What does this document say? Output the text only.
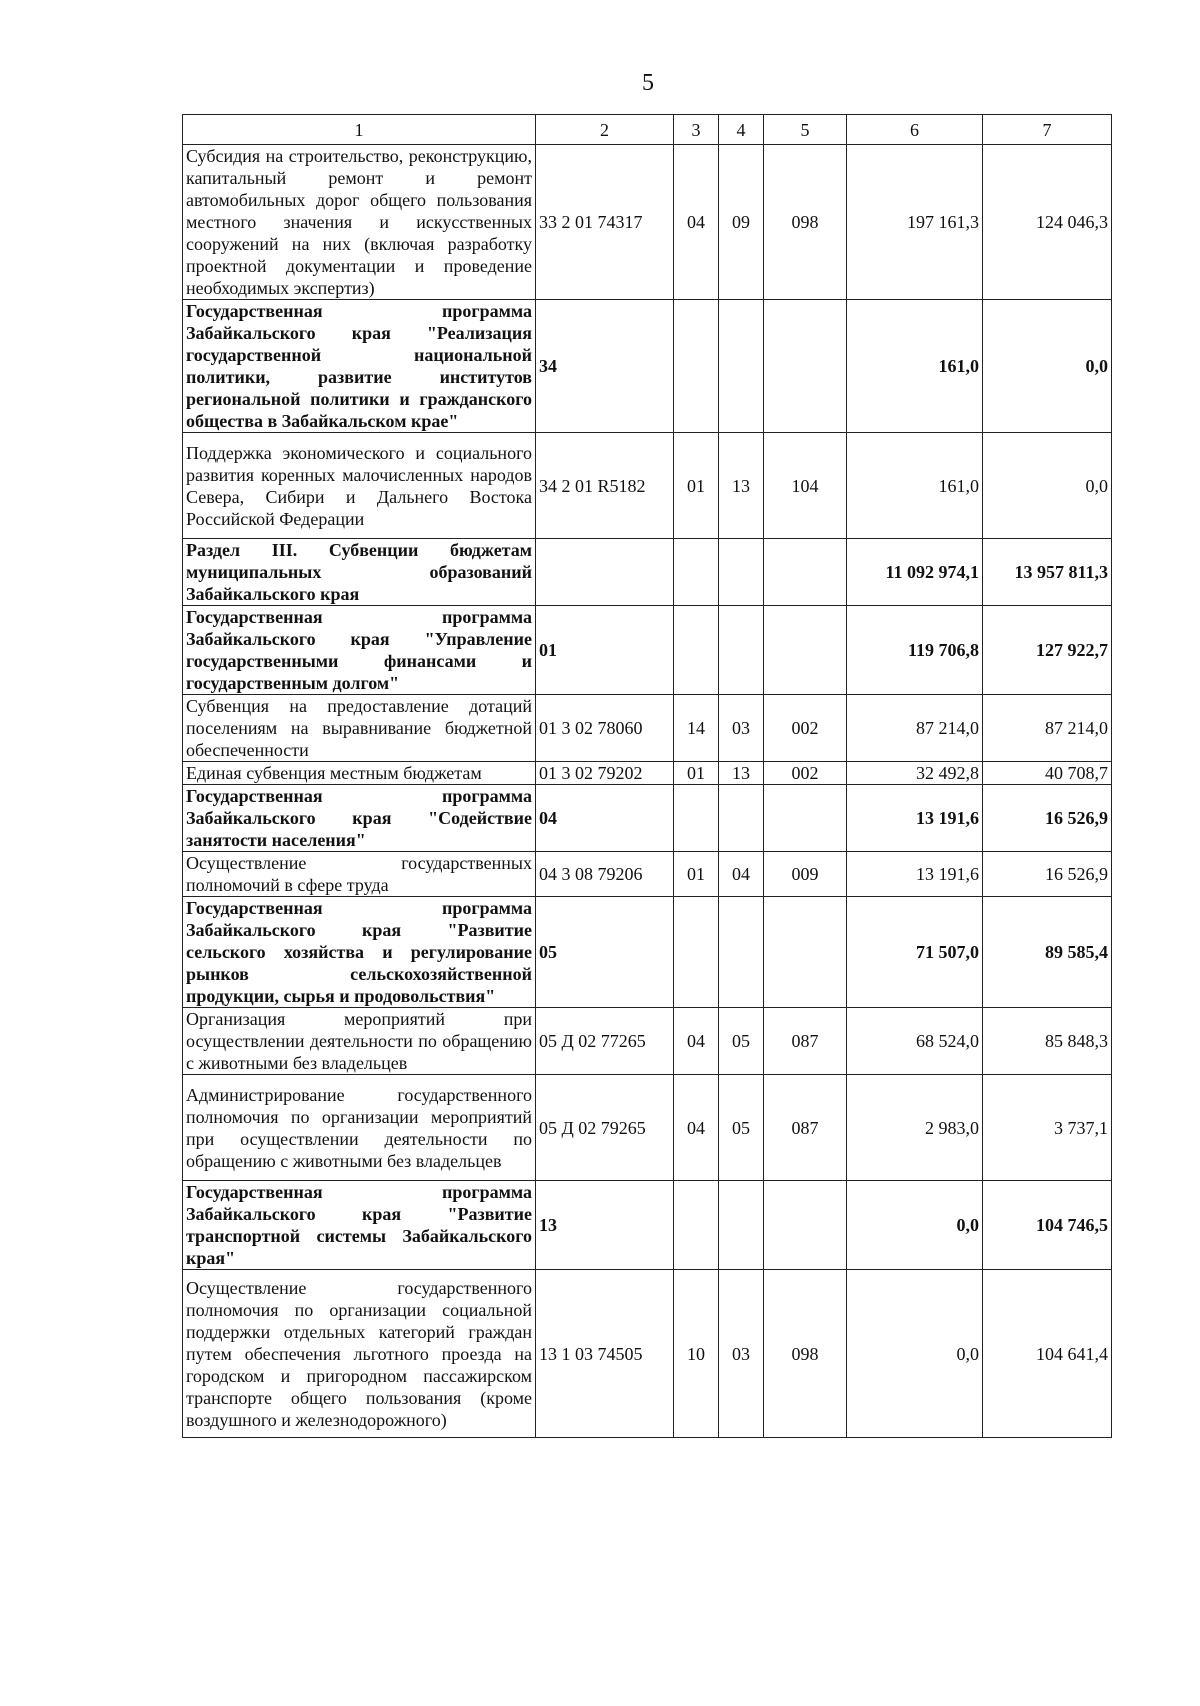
5
1	2	3	4	5	6	7
Субсидия на строительство, реконструкцию, капитальный ремонт и ремонт автомобильных дорог общего пользования местного значения и искусственных сооружений на них (включая разработку проектной документации и проведение необходимых экспертиз)	33 2 01 74317	04	09	098	197 161,3	124 046,3
Государственная программа Забайкальского края "Реализация государственной национальной политики, развитие институтов региональной политики и гражданского общества в Забайкальском крае"	34				161,0	0,0
Поддержка экономического и социального развития коренных малочисленных народов Севера, Сибири и Дальнего Востока Российской Федерации	34 2 01 R5182	01	13	104	161,0	0,0
Раздел III. Субвенции бюджетам муниципальных образований Забайкальского края					11 092 974,1	13 957 811,3
Государственная программа Забайкальского края "Управление государственными финансами и государственным долгом"	01				119 706,8	127 922,7
Субвенция на предоставление дотаций поселениям на выравнивание бюджетной обеспеченности	01 3 02 78060	14	03	002	87 214,0	87 214,0
Единая субвенция местным бюджетам	01 3 02 79202	01	13	002	32 492,8	40 708,7
Государственная программа Забайкальского края "Содействие занятости населения"	04				13 191,6	16 526,9
Осуществление государственных полномочий в сфере труда	04 3 08 79206	01	04	009	13 191,6	16 526,9
Государственная программа Забайкальского края "Развитие сельского хозяйства и регулирование рынков сельскохозяйственной продукции, сырья и продовольствия"	05				71 507,0	89 585,4
Организация мероприятий при осуществлении деятельности по обращению с животными без владельцев	05 Д 02 77265	04	05	087	68 524,0	85 848,3
Администрирование государственного полномочия по организации мероприятий при осуществлении деятельности по обращению с животными без владельцев	05 Д 02 79265	04	05	087	2 983,0	3 737,1
Государственная программа Забайкальского края "Развитие транспортной системы Забайкальского края"	13				0,0	104 746,5
Осуществление государственного полномочия по организации социальной поддержки отдельных категорий граждан путем обеспечения льготного проезда на городском и пригородном пассажирском транспорте общего пользования (кроме воздушного и железнодорожного)	13 1 03 74505	10	03	098	0,0	104 641,4
